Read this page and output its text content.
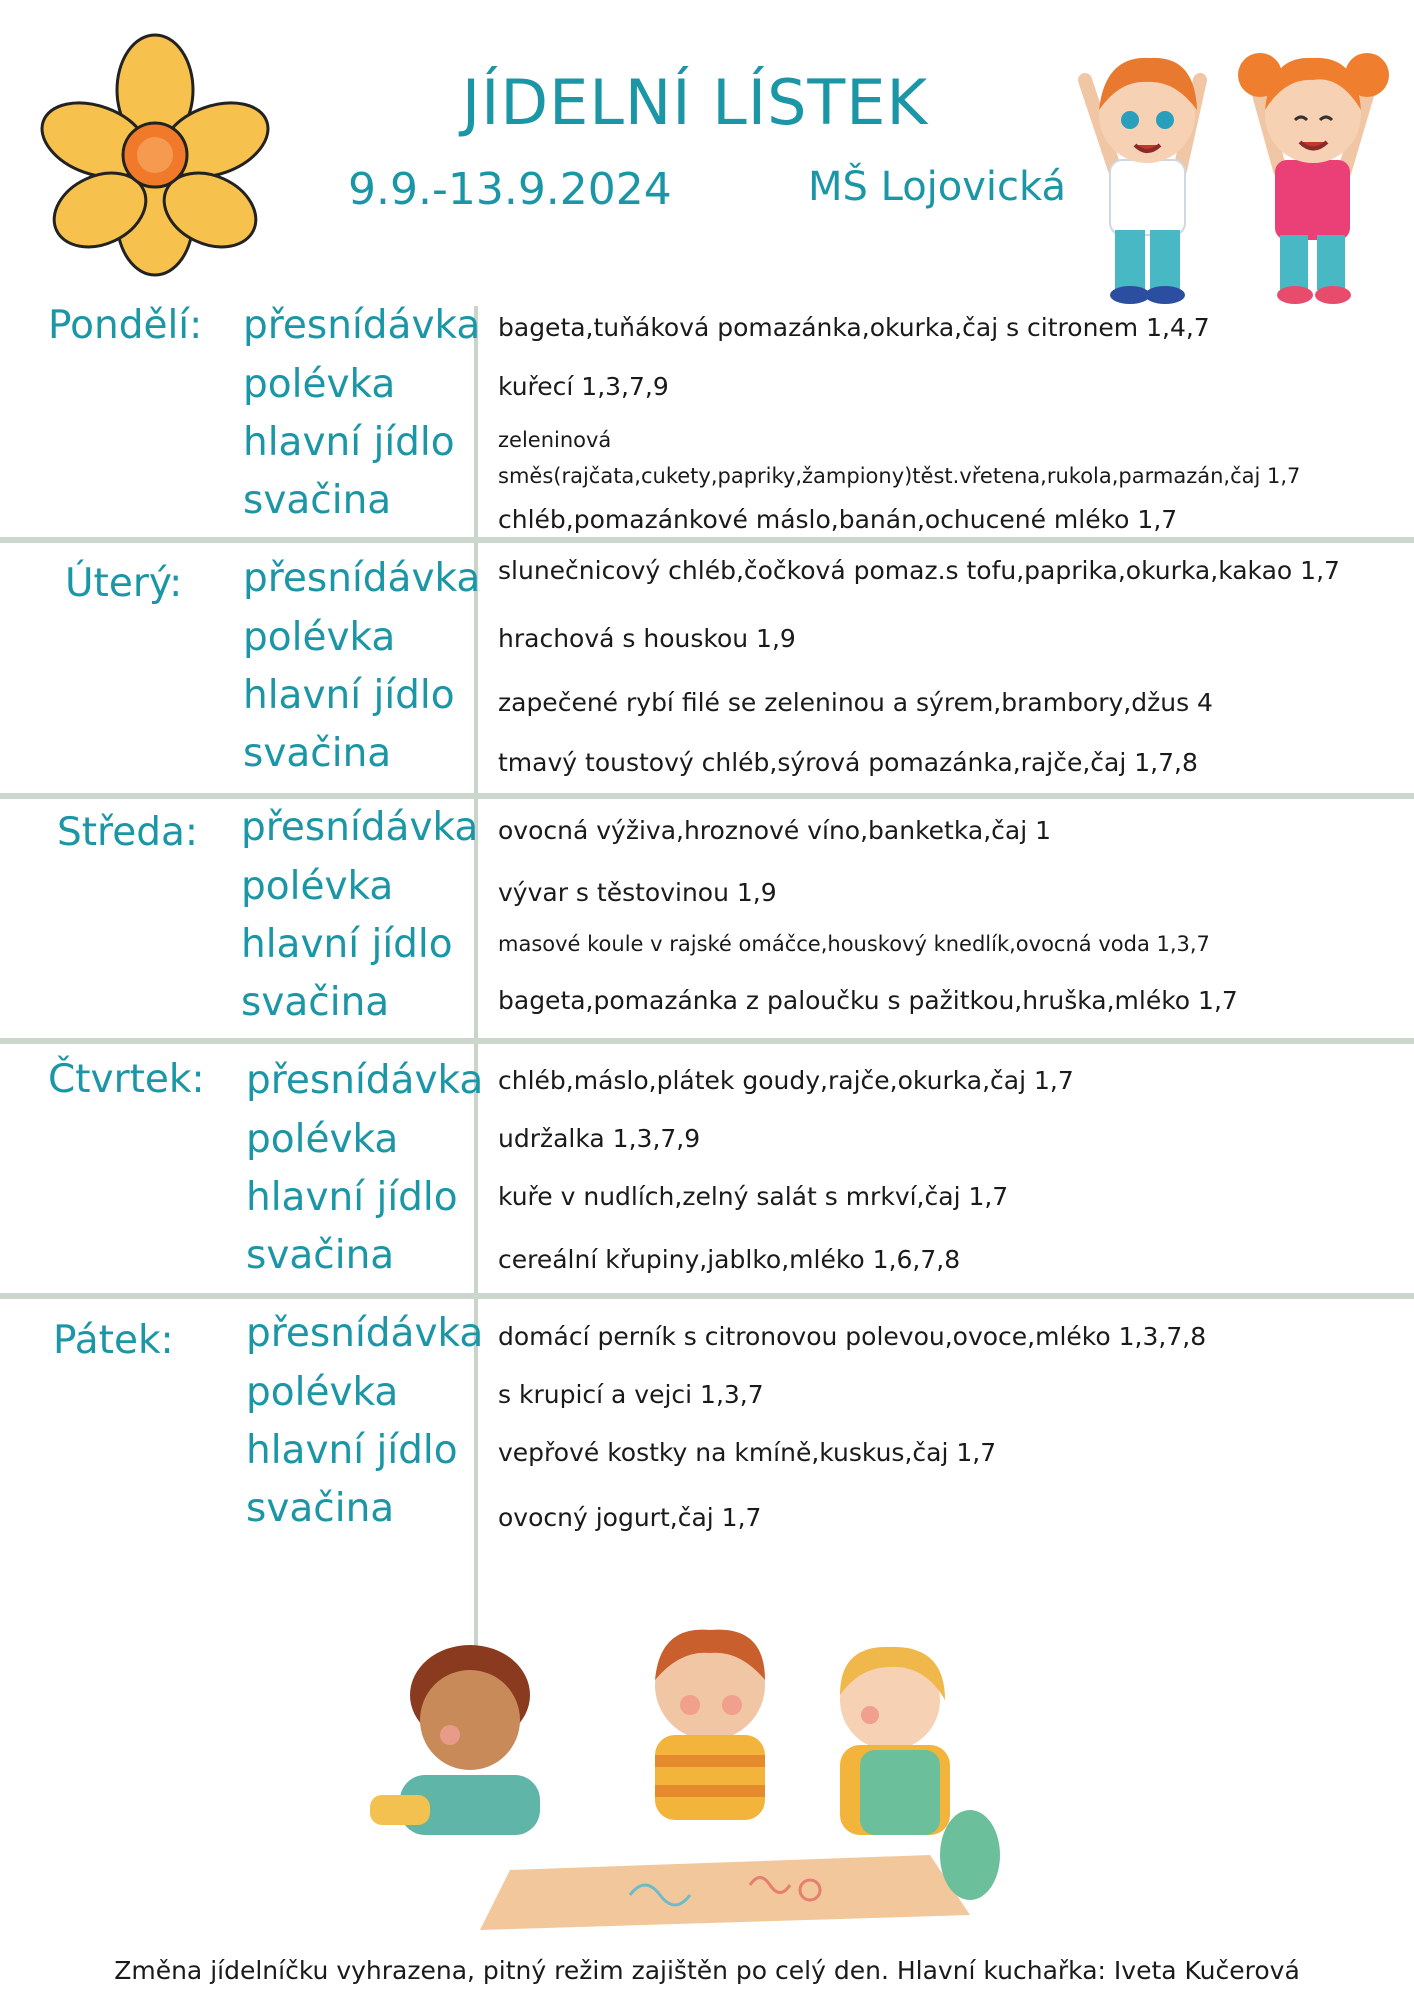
JÍDELNÍ LÍSTEK
9.9.-13.9.2024	MŠ Lojovická
Pondělí: přesnídávka
polévka
hlavní jídlo
svačina
bageta,tuňáková pomazánka,okurka,čaj s citronem 1,4,7
kuřecí 1,3,7,9
zeleninová
směs(rajčata,cukety,papriky,žampiony)těst.vřetena,rukola,parmazán,čaj 1,7
chléb,pomazánkové máslo,banán,ochucené mléko 1,7
Úterý: přesnídávka
polévka
hlavní jídlo
svačina
slunečnicový chléb,čočková pomaz.s tofu,paprika,okurka,kakao 1,7
hrachová s houskou 1,9
zapečené rybí filé se zeleninou a sýrem,brambory,džus 4
tmavý toustový chléb,sýrová pomazánka,rajče,čaj 1,7,8
Středa: přesnídávka
polévka
hlavní jídlo
svačina
ovocná výživa,hroznové víno,banketka,čaj 1
vývar s těstovinou 1,9
masové koule v rajské omáčce,houskový knedlík,ovocná voda 1,3,7
bageta,pomazánka z paloučku s pažitkou,hruška,mléko 1,7
Čtvrtek: přesnídávka
polévka
hlavní jídlo
svačina
chléb,máslo,plátek goudy,rajče,okurka,čaj 1,7
udržalka 1,3,7,9
kuře v nudlích,zelný salát s mrkví,čaj 1,7
cereální křupiny,jablko,mléko 1,6,7,8
Pátek: přesnídávka
polévka
hlavní jídlo
svačina
domácí perník s citronovou polevou,ovoce,mléko 1,3,7,8
s krupicí a vejci 1,3,7
vepřové kostky na kmíně,kuskus,čaj 1,7
ovocný jogurt,čaj 1,7
Změna jídelníčku vyhrazena, pitný režim zajištěn po celý den. Hlavní kuchařka: Iveta Kučerová
